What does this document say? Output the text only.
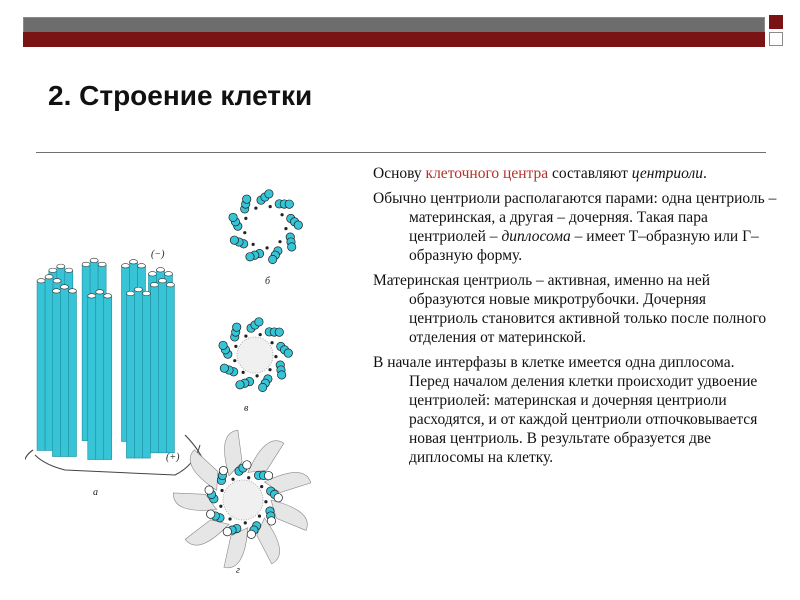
2. Строение клетки
а
б
в
г
(−)
(+)

Основу клеточного центра составляют центриоли.

Обычно центриоли располагаются парами: одна центриоль – материнская, а другая – дочерняя. Такая пара центриолей – диплосома – имеет Т–образную или Г–образную форму.

Материнская центриоль – активная, именно на ней образуются новые микротрубочки. Дочерняя центриоль становится активной только после полного отделения от материнской.

В начале интерфазы в клетке имеется одна диплосома. Перед началом деления клетки происходит удвоение центриолей: материнская и дочерняя центриоли расходятся, и от каждой центриоли отпочковывается новая центриоль. В результате образуется две диплосомы на клетку.
